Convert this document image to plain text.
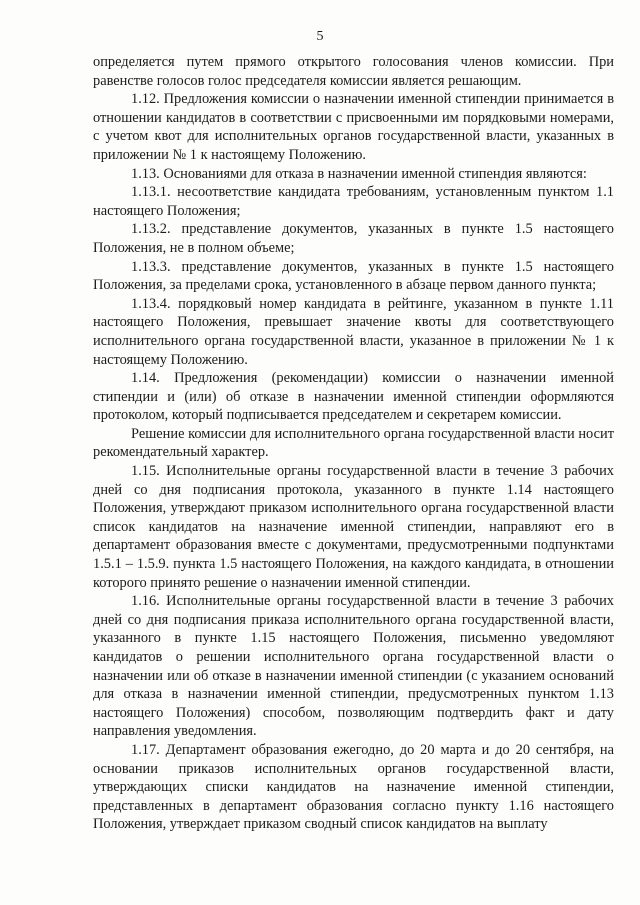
5

определяется путем прямого открытого голосования членов комиссии. При равенстве голосов голос председателя комиссии является решающим.

1.12. Предложения комиссии о назначении именной стипендии принимается в отношении кандидатов в соответствии с присвоенными им порядковыми номерами, с учетом квот для исполнительных органов государственной власти, указанных в приложении № 1 к настоящему Положению.

1.13. Основаниями для отказа в назначении именной стипендия являются:

1.13.1. несоответствие кандидата требованиям, установленным пунктом 1.1 настоящего Положения;

1.13.2. представление документов, указанных в пункте 1.5 настоящего Положения, не в полном объеме;

1.13.3. представление документов, указанных в пункте 1.5 настоящего Положения, за пределами срока, установленного в абзаце первом данного пункта;

1.13.4. порядковый номер кандидата в рейтинге, указанном в пункте 1.11 настоящего Положения, превышает значение квоты для соответствующего исполнительного органа государственной власти, указанное в приложении № 1 к настоящему Положению.

1.14. Предложения (рекомендации) комиссии о назначении именной стипендии и (или) об отказе в назначении именной стипендии оформляются протоколом, который подписывается председателем и секретарем комиссии.

Решение комиссии для исполнительного органа государственной власти носит рекомендательный характер.

1.15. Исполнительные органы государственной власти в течение 3 рабочих дней со дня подписания протокола, указанного в пункте 1.14 настоящего Положения, утверждают приказом исполнительного органа государственной власти список кандидатов на назначение именной стипендии, направляют его в департамент образования вместе с документами, предусмотренными подпунктами 1.5.1 – 1.5.9. пункта 1.5 настоящего Положения, на каждого кандидата, в отношении которого принято решение о назначении именной стипендии.

1.16. Исполнительные органы государственной власти в течение 3 рабочих дней со дня подписания приказа исполнительного органа государственной власти, указанного в пункте 1.15 настоящего Положения, письменно уведомляют кандидатов о решении исполнительного органа государственной власти о назначении или об отказе в назначении именной стипендии (с указанием оснований для отказа в назначении именной стипендии, предусмотренных пунктом 1.13 настоящего Положения) способом, позволяющим подтвердить факт и дату направления уведомления.

1.17. Департамент образования ежегодно, до 20 марта и до 20 сентября, на основании приказов исполнительных органов государственной власти, утверждающих списки кандидатов на назначение именной стипендии, представленных в департамент образования согласно пункту 1.16 настоящего Положения, утверждает приказом сводный список кандидатов на выплату
